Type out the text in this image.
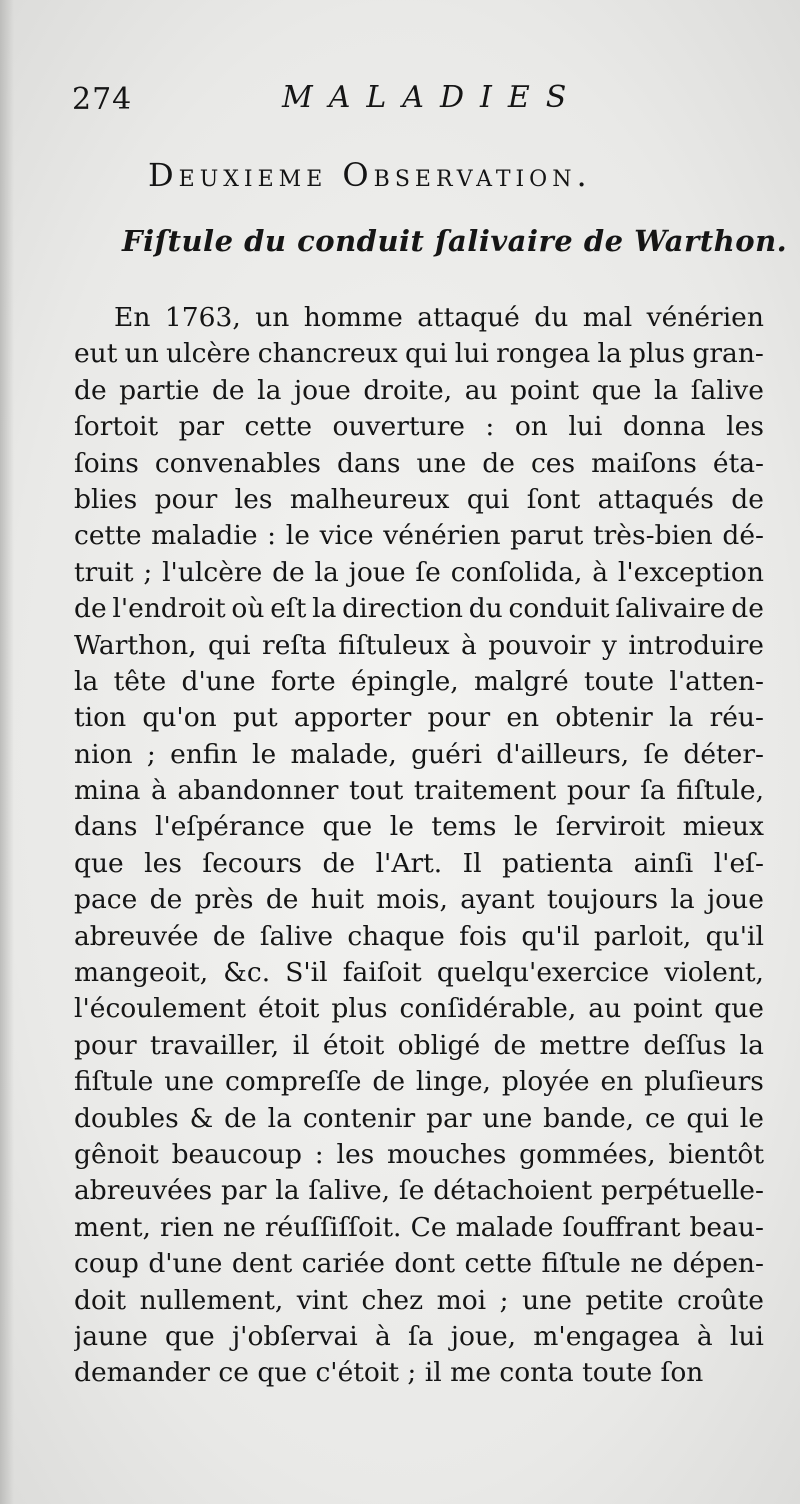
274	MALADIES
Deuxieme Observation.
Fiſtule du conduit ſalivaire de Warthon.
En 1763, un homme attaqué du mal vénérien
eut un ulcère chancreux qui lui rongea la plus gran-
de partie de la joue droite, au point que la ſalive
ſortoit par cette ouverture : on lui donna les
ſoins convenables dans une de ces maiſons éta-
blies pour les malheureux qui ſont attaqués de
cette maladie : le vice vénérien parut très-bien dé-
truit ; l'ulcère de la joue ſe conſolida, à l'exception
de l'endroit où eſt la direction du conduit ſalivaire de
Warthon, qui reſta fiſtuleux à pouvoir y introduire
la tête d'une forte épingle, malgré toute l'atten-
tion qu'on put apporter pour en obtenir la réu-
nion ; enfin le malade, guéri d'ailleurs, ſe déter-
mina à abandonner tout traitement pour ſa fiſtule,
dans l'eſpérance que le tems le ſerviroit mieux
que les ſecours de l'Art. Il patienta ainſi l'eſ-
pace de près de huit mois, ayant toujours la joue
abreuvée de ſalive chaque fois qu'il parloit, qu'il
mangeoit, &c. S'il faiſoit quelqu'exercice violent,
l'écoulement étoit plus conſidérable, au point que
pour travailler, il étoit obligé de mettre deſſus la
fiſtule une compreſſe de linge, ployée en pluſieurs
doubles & de la contenir par une bande, ce qui le
gênoit beaucoup : les mouches gommées, bientôt
abreuvées par la ſalive, ſe détachoient perpétuelle-
ment, rien ne réuſſiſſoit. Ce malade ſouffrant beau-
coup d'une dent cariée dont cette fiſtule ne dépen-
doit nullement, vint chez moi ; une petite croûte
jaune que j'obſervai à ſa joue, m'engagea à lui
demander ce que c'étoit ; il me conta toute ſon
